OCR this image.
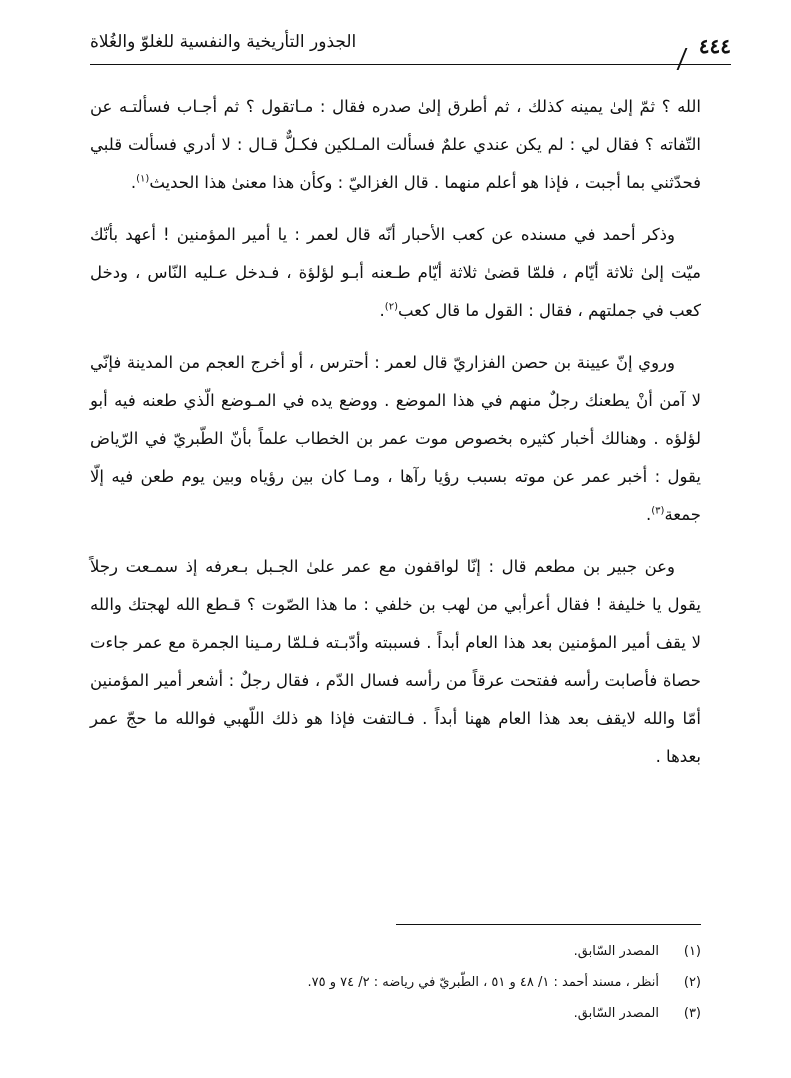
الجذور التأريخية والنفسية للغلوّ والغُلاة	٤٤٤

الله ؟ ثمّ إلىٰ يمينه كذلك ، ثم أطرق إلىٰ صدره فقال : مـاتقول ؟ ثم أجـاب فسألتـه عن التّفاته ؟ فقال لي : لم يكن عندي علمٌ فسألت المـلكين فكـلٌّ قـال : لا أدري فسألت قلبي فحدّثني بما أجبت ، فإذا هو أعلم منهما . قال الغزاليّ : وكأن هذا معنىٰ هذا الحديث$^{(١)}$.

وذكر أحمد في مسنده عن كعب الأحبار أنّه قال لعمر : يا أمير المؤمنين ! أعهد بأنّك ميّت إلىٰ ثلاثة أيّام ، فلمّا قضىٰ ثلاثة أيّام طـعنه أبـو لؤلؤة ، فـدخل عـليه النّاس ، ودخل كعب في جملتهم ، فقال : القول ما قال كعب$^{(٢)}$.

وروي إنّ عيينة بن حصن الفزاريّ قال لعمر : أحترس ، أو أخرج العجم من المدينة فإنّي لا آمن أنْ يطعنك رجلٌ منهم في هذا الموضع . ووضع يده في المـوضع الّذي طعنه فيه أبو لؤلؤه . وهنالك أخبار كثيره بخصوص موت عمر بن الخطاب علماً بأنّ الطّبريّ في الرّياض يقول : أخبر عمر عن موته بسبب رؤيا رآها ، ومـا كان بين رؤياه وبين يوم طعن فيه إلّا جمعة$^{(٣)}$.

وعن جبير بن مطعم قال : إنّا لواقفون مع عمر علىٰ الجـبل بـعرفه إذ سمـعت رجلاً يقول يا خليفة ! فقال أعرأبي من لهب بن خلفي : ما هذا الصّوت ؟ قـطع الله لهجتك والله لا يقف أمير المؤمنين بعد هذا العام أبداً . فسببته وأدّبـته فـلمّا رمـينا الجمرة مع عمر جاءت حصاة فأصابت رأسه ففتحت عرقاً من رأسه فسال الدّم ، فقال رجلٌ : أشعر أمير المؤمنين أمّا والله لايقف بعد هذا العام ههنا أبداً . فـالتفت فإذا هو ذلك اللّهبي فوالله ما حجّ عمر بعدها .

(١)المصدر السّابق.

(٢)أنظر ، مسند أحمد : ١/ ٤٨ و ٥١ ، الطّبريّ في رياضه : ٢/ ٧٤ و ٧٥.

(٣)المصدر السّابق.
